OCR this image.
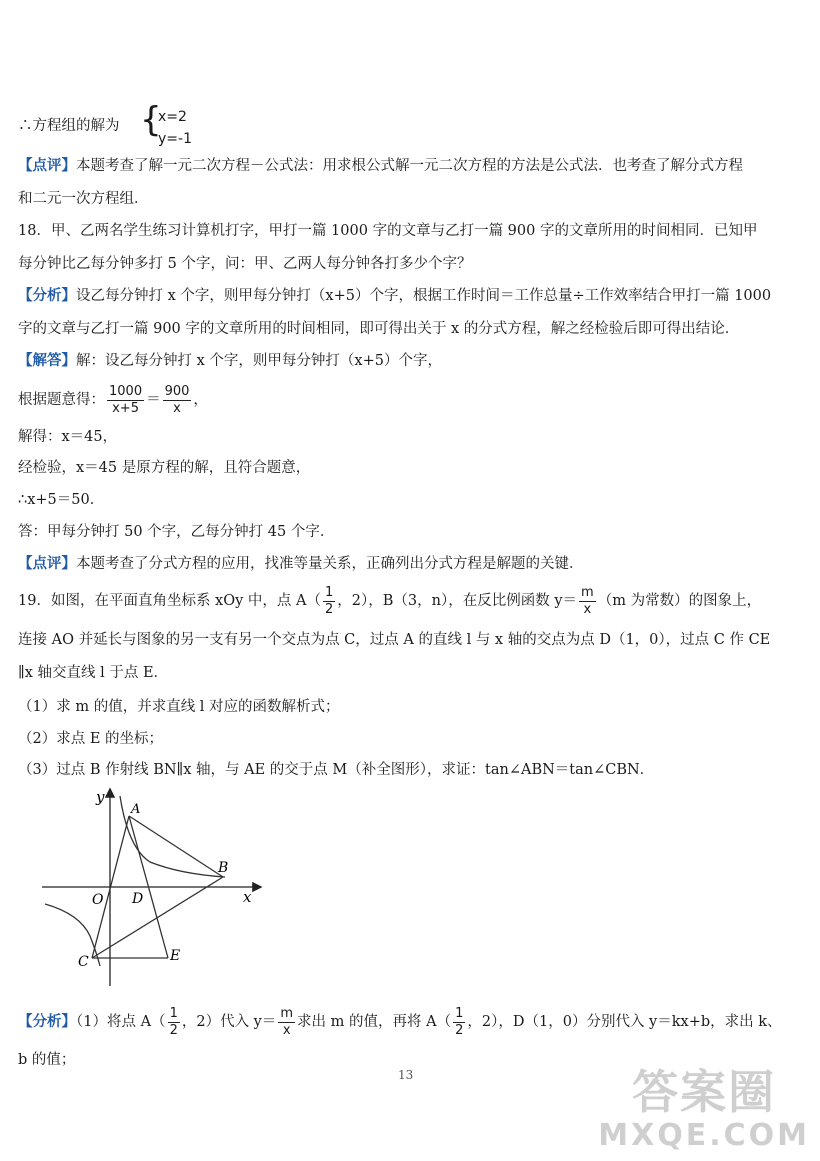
∴方程组的解为 {
x=2
y=-1
【点评】本题考查了解一元二次方程－公式法：用求根公式解一元二次方程的方法是公式法．也考查了解分式方程
和二元一次方程组．
18．甲、乙两名学生练习计算机打字，甲打一篇 1000 字的文章与乙打一篇 900 字的文章所用的时间相同．已知甲
每分钟比乙每分钟多打 5 个字，问：甲、乙两人每分钟各打多少个字？
【分析】设乙每分钟打 x 个字，则甲每分钟打（x+5）个字，根据工作时间＝工作总量÷工作效率结合甲打一篇 1000
字的文章与乙打一篇 900 字的文章所用的时间相同，即可得出关于 x 的分式方程，解之经检验后即可得出结论．
【解答】解：设乙每分钟打 x 个字，则甲每分钟打（x+5）个字，
根据题意得： $\frac{1000}{x+5} = \frac{900}{x}$ ，
解得：x＝45，
经检验，x＝45 是原方程的解，且符合题意，
∴x+5＝50．
答：甲每分钟打 50 个字，乙每分钟打 45 个字．
【点评】本题考查了分式方程的应用，找准等量关系，正确列出分式方程是解题的关键．
19．如图，在平面直角坐标系 xOy 中，点 $A( \frac{1}{2}$ ，2），B（3，n），在反比例函数 $y= \frac{m}{x} (m$ 为常数）的图象上，
连接 AO 并延长与图象的另一支有另一个交点为点 C，过点 A 的直线 l 与 x 轴的交点为点 D（1，0），过点 C 作 CE
∥x 轴交直线 l 于点 E．
（1）求 m 的值，并求直线 l 对应的函数解析式；
（2）求点 E 的坐标；
（3）过点 B 作射线 BN∥x 轴，与 AE 的交于点 M（补全图形），求证：tan∠ABN＝tan∠CBN．
y
x
O
A
B
C
D
E
【分析】（1）将点 $A( \frac{1}{2}$ ，2）代入 $y= \frac{m}{x}$ 求出 m 的值，再将 $A( \frac{1}{2}$ ，2），D（1，0）分别代入 y＝kx+b，求出 k、
b 的值；
13	答案圈
MXQE.COM
